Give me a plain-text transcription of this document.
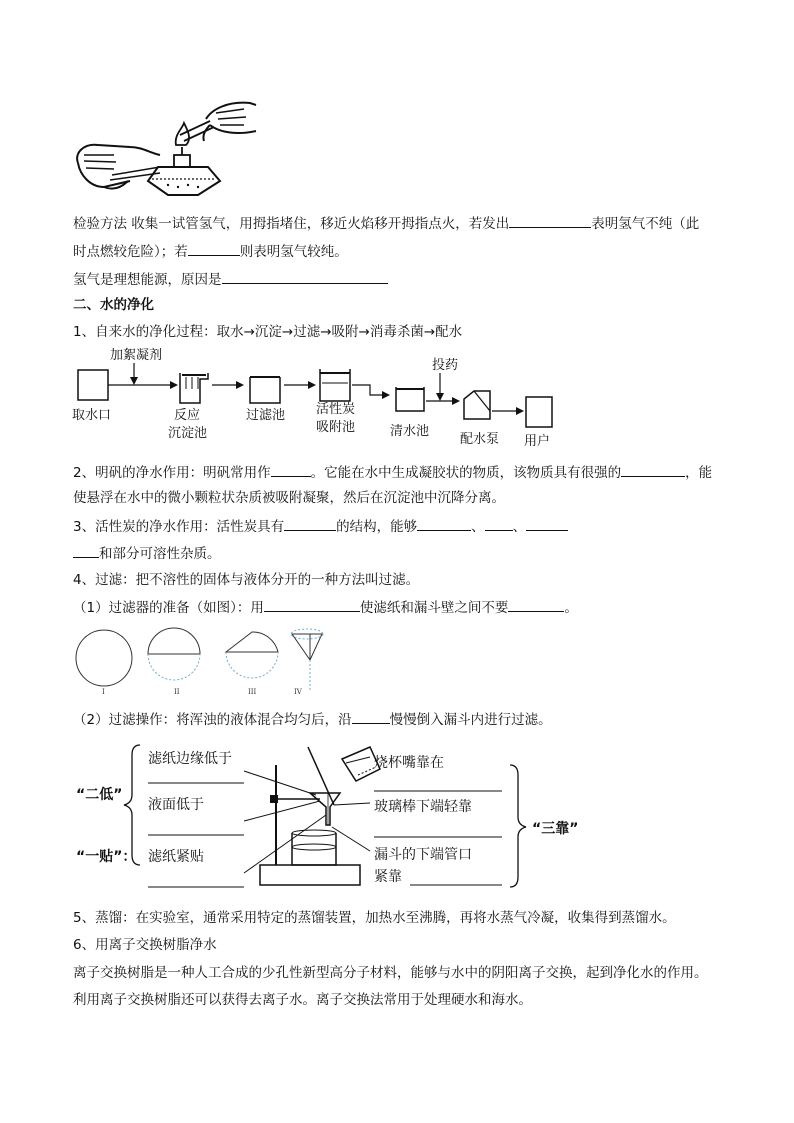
检验方法 收集一试管氢气，用拇指堵住，移近火焰移开拇指点火，若发出	表明氢气不纯（此
时点燃较危险）；若	则表明氢气较纯。
氢气是理想能源，原因是
二、水的净化
1、自来水的净化过程：取水→沉淀→过滤→吸附→消毒杀菌→配水
取水口
加絮凝剂
反应
沉淀池
过滤池 活性炭
吸附池	清水池
投药
配水泵 用户
2、明矾的净水作用：明矾常用作	。它能在水中生成凝胶状的物质，该物质具有很强的	，能
使悬浮在水中的微小颗粒状杂质被吸附凝聚，然后在沉淀池中沉降分离。
3、活性炭的净水作用：活性炭具有	的结构，能够	、 、
和部分可溶性杂质。
4、过滤：把不溶性的固体与液体分开的一种方法叫过滤。
（1）过滤器的准备（如图）：用	使滤纸和漏斗壁之间不要	。
I	II	III	IV
（2）过滤操作：将浑浊的液体混合均匀后，沿	慢慢倒入漏斗内进行过滤。
“二低”
“一贴”：
滤纸边缘低于
液面低于
滤纸紧贴
烧杯嘴靠在
玻璃棒下端轻靠
漏斗的下端管口
紧靠
“三靠”
5、蒸馏：在实验室，通常采用特定的蒸馏装置，加热水至沸腾，再将水蒸气冷凝，收集得到蒸馏水。
6、用离子交换树脂净水
离子交换树脂是一种人工合成的少孔性新型高分子材料，能够与水中的阴阳离子交换，起到净化水的作用。
利用离子交换树脂还可以获得去离子水。离子交换法常用于处理硬水和海水。
